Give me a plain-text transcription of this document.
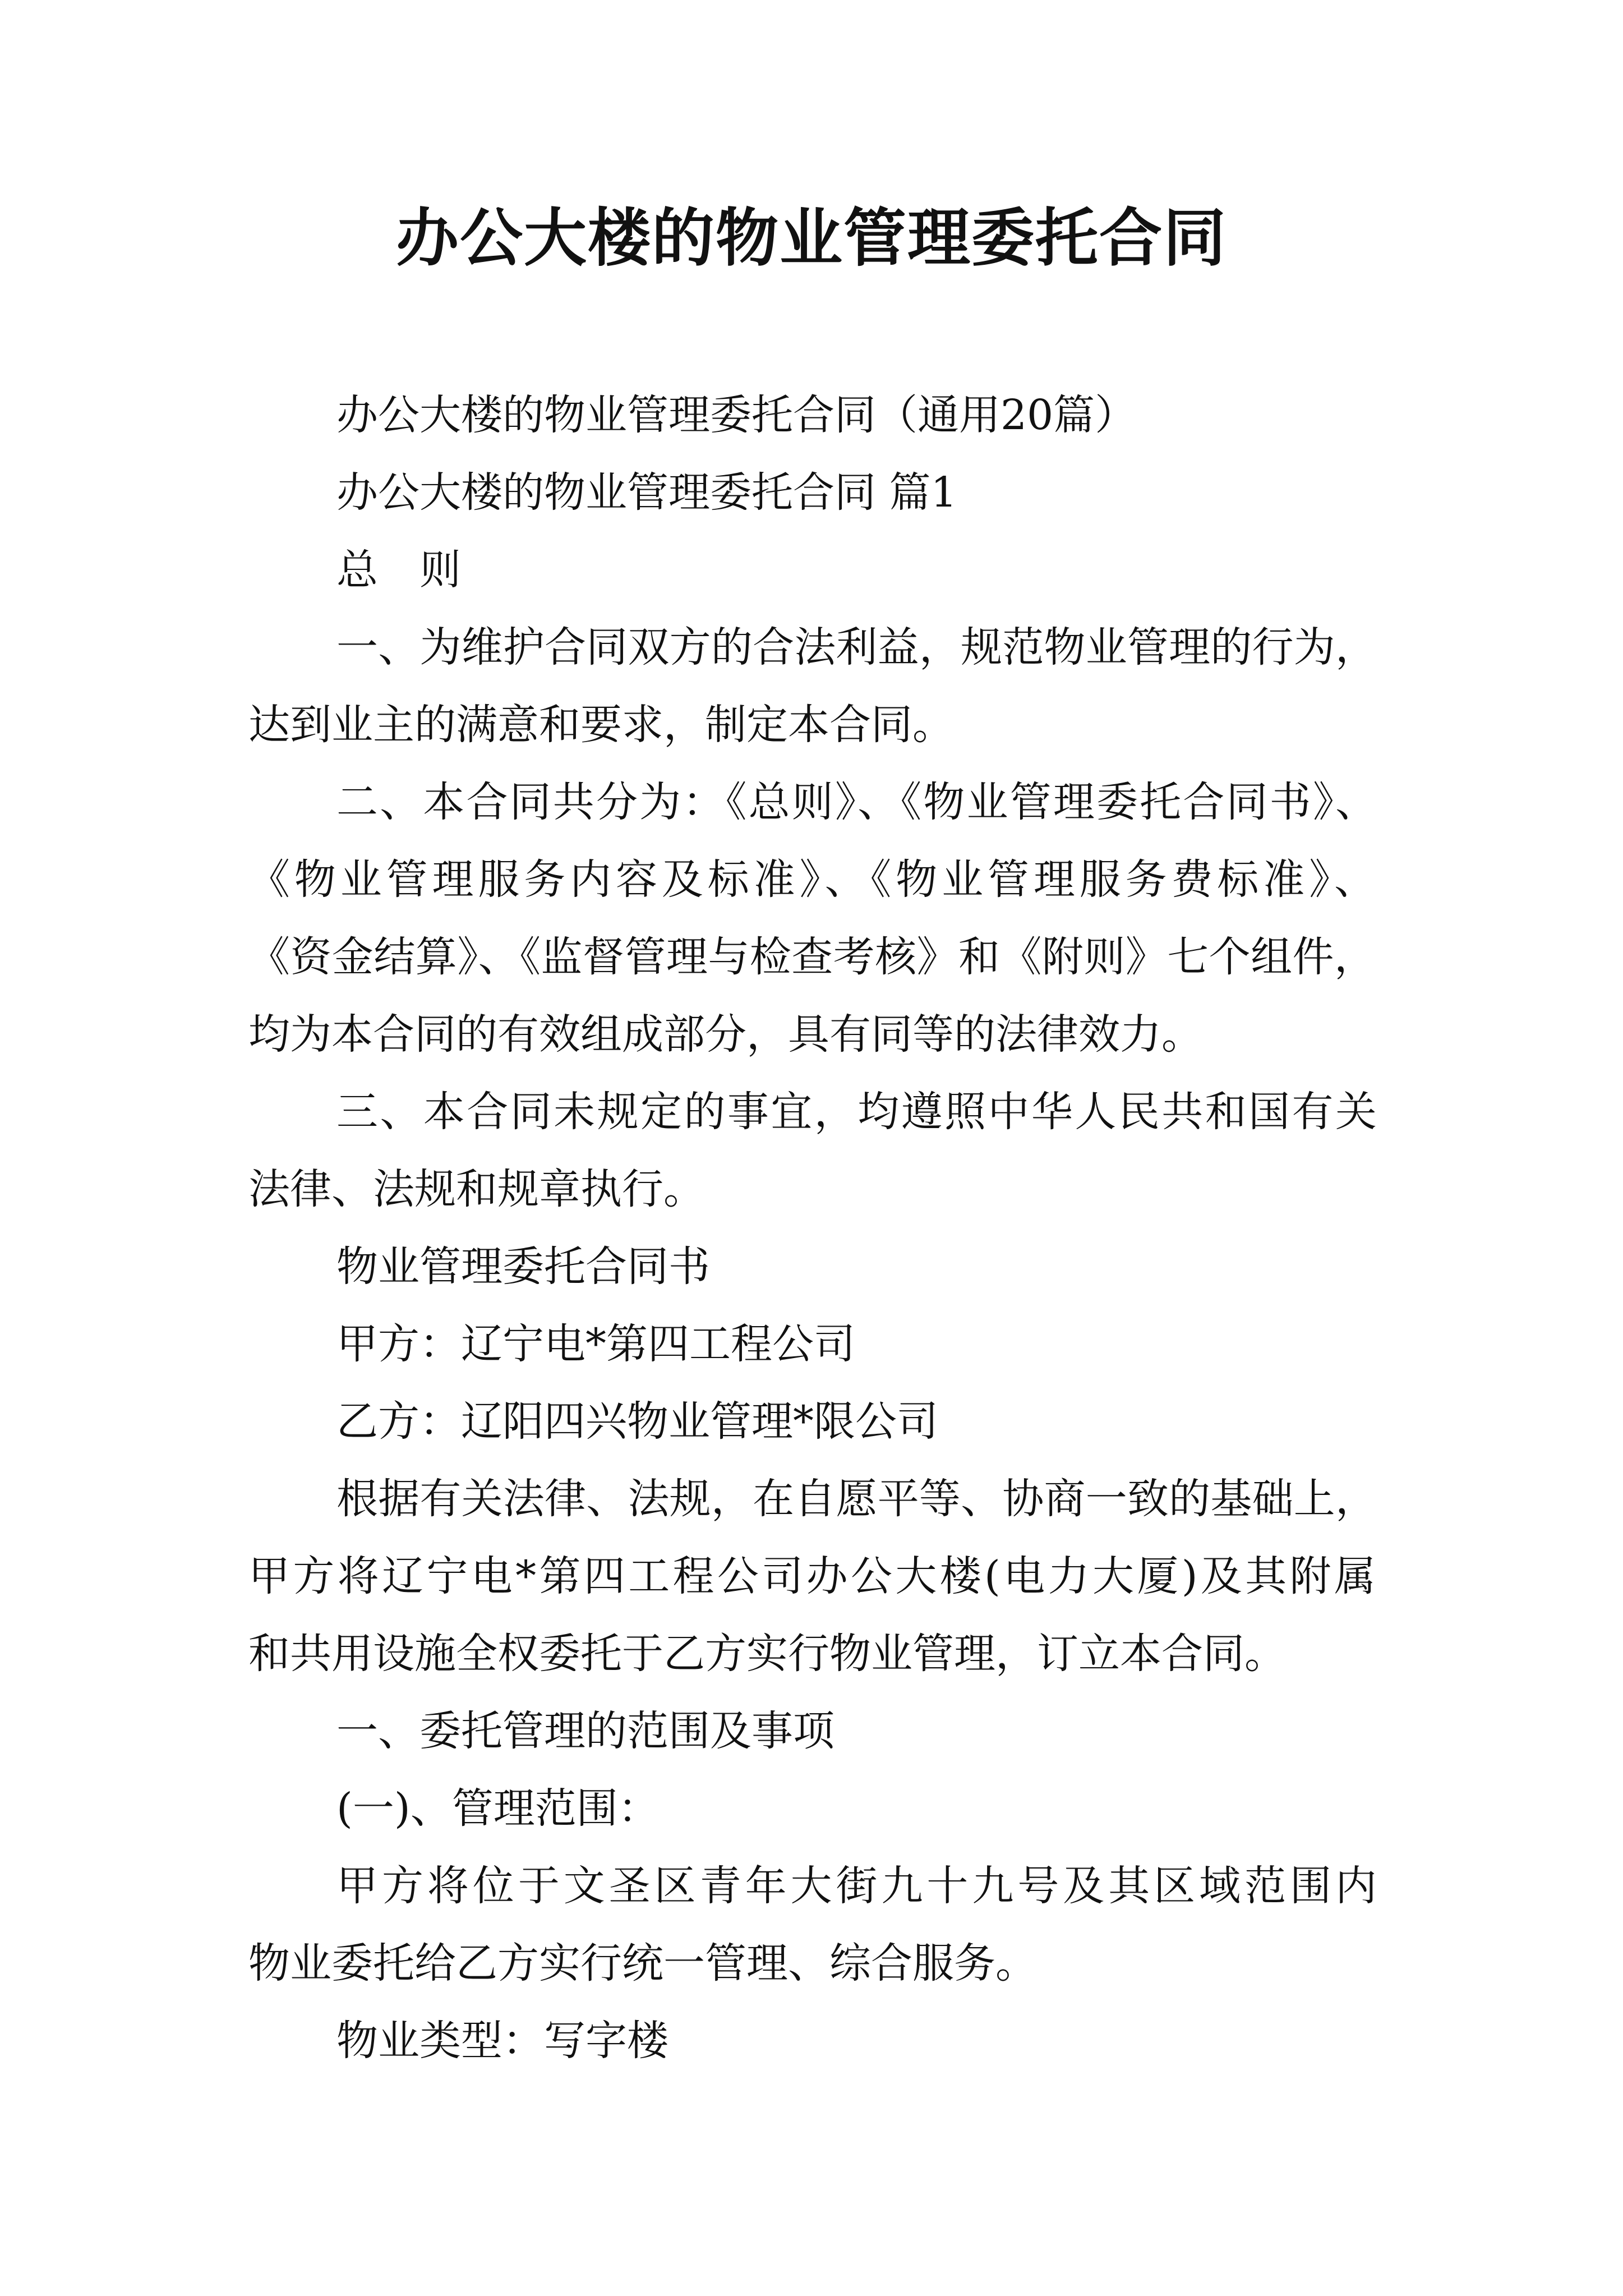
办公大楼的物业管理委托合同
办公大楼的物业管理委托合同（通用20篇）
办公大楼的物业管理委托合同 篇1
总　则
一、为维护合同双方的合法利益，规范物业管理的行为，
达到业主的满意和要求，制定本合同。
二、本合同共分为：《总则》、《物业管理委托合同书》、
《物业管理服务内容及标准》、《物业管理服务费标准》、
《资金结算》、《监督管理与检查考核》和《附则》七个组件，
均为本合同的有效组成部分，具有同等的法律效力。
三、本合同未规定的事宜，均遵照中华人民共和国有关
法律、法规和规章执行。
物业管理委托合同书
甲方：辽宁电*第四工程公司
乙方：辽阳四兴物业管理*限公司
根据有关法律、法规，在自愿平等、协商一致的基础上，
甲方将辽宁电*第四工程公司办公大楼(电力大厦)及其附属
和共用设施全权委托于乙方实行物业管理，订立本合同。
一、委托管理的范围及事项
(一)、管理范围：
甲方将位于文圣区青年大街九十九号及其区域范围内
物业委托给乙方实行统一管理、综合服务。
物业类型：写字楼
